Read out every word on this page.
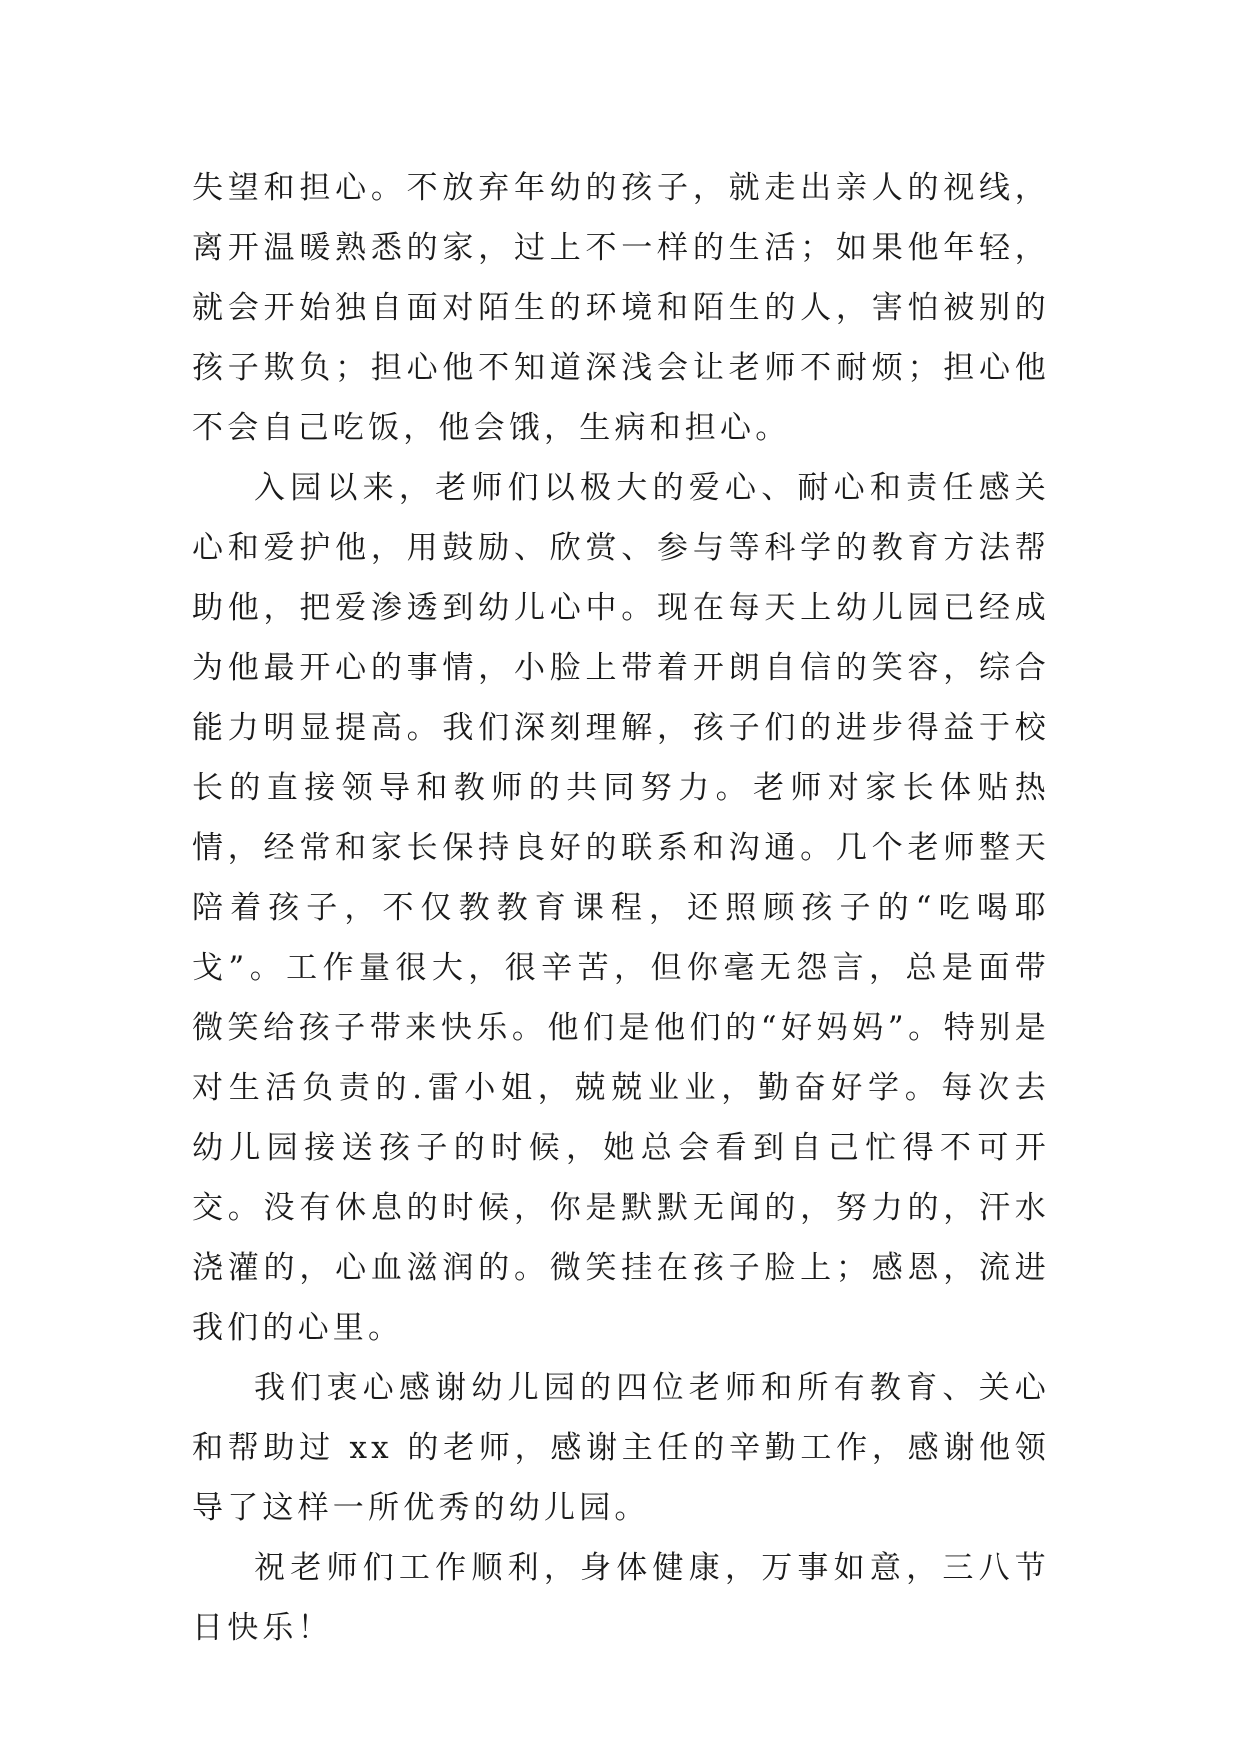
失望和担心。不放弃年幼的孩子，就走出亲人的视线，离开温暖熟悉的家，过上不一样的生活；如果他年轻，就会开始独自面对陌生的环境和陌生的人，害怕被别的孩子欺负；担心他不知道深浅会让老师不耐烦；担心他不会自己吃饭，他会饿，生病和担心。

入园以来，老师们以极大的爱心、耐心和责任感关心和爱护他，用鼓励、欣赏、参与等科学的教育方法帮助他，把爱渗透到幼儿心中。现在每天上幼儿园已经成为他最开心的事情，小脸上带着开朗自信的笑容，综合能力明显提高。我们深刻理解，孩子们的进步得益于校长的直接领导和教师的共同努力。老师对家长体贴热情，经常和家长保持良好的联系和沟通。几个老师整天陪着孩子，不仅教教育课程，还照顾孩子的“吃喝耶戈”。工作量很大，很辛苦，但你毫无怨言，总是面带微笑给孩子带来快乐。他们是他们的“好妈妈”。特别是对生活负责的.雷小姐，兢兢业业，勤奋好学。每次去幼儿园接送孩子的时候，她总会看到自己忙得不可开交。没有休息的时候，你是默默无闻的，努力的，汗水浇灌的，心血滋润的。微笑挂在孩子脸上；感恩，流进我们的心里。

我们衷心感谢幼儿园的四位老师和所有教育、关心和帮助过 xx 的老师，感谢主任的辛勤工作，感谢他领导了这样一所优秀的幼儿园。

祝老师们工作顺利，身体健康，万事如意，三八节日快乐！
